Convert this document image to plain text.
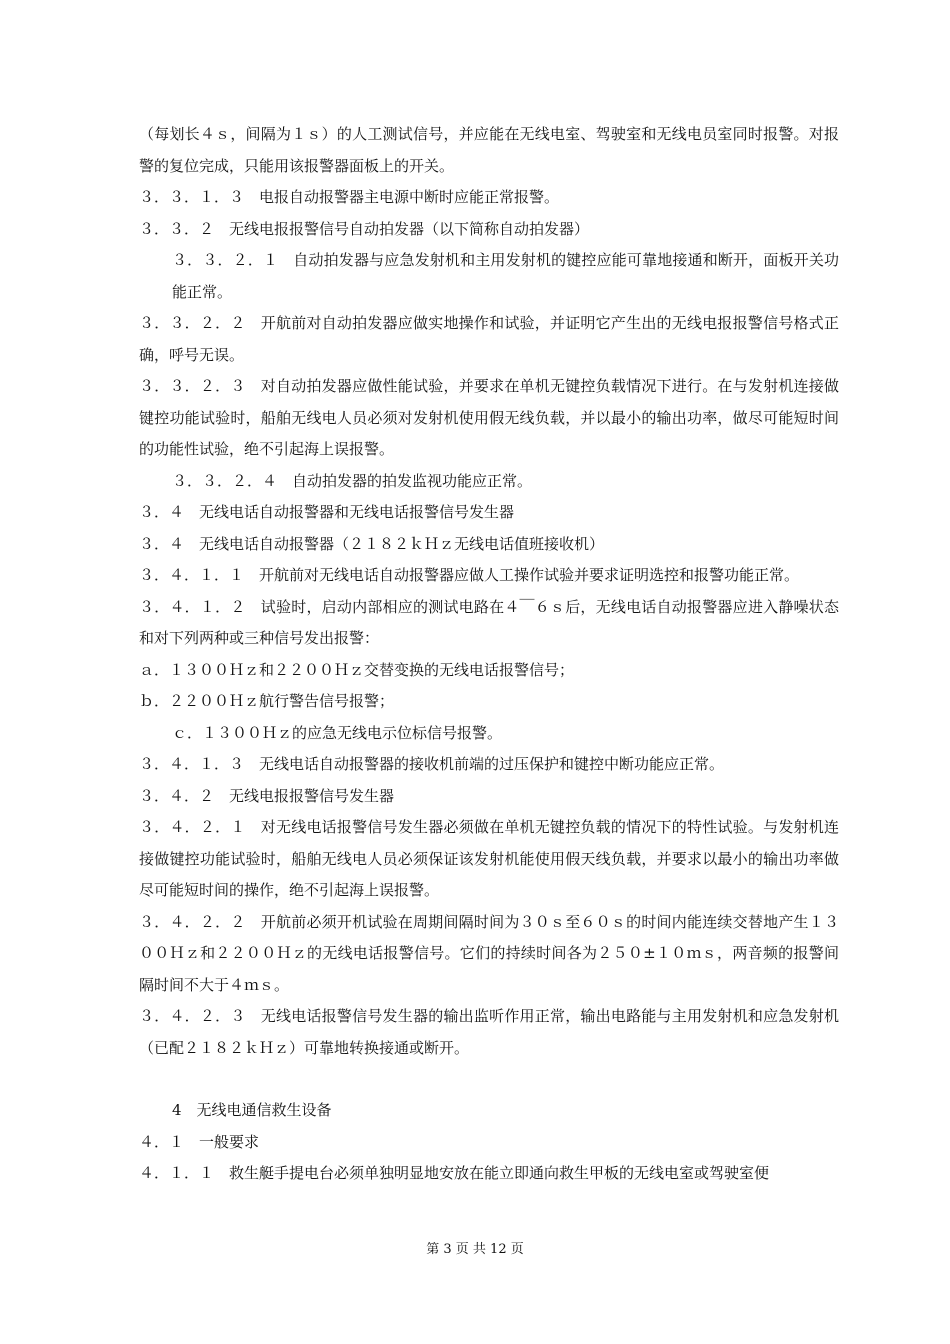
（每划长４ｓ，间隔为１ｓ）的人工测试信号，并应能在无线电室、驾驶室和无线电员室同时报警。对报警的复位完成，只能用该报警器面板上的开关。

３．３．１．３　电报自动报警器主电源中断时应能正常报警。

３．３．２　无线电报报警信号自动拍发器（以下简称自动拍发器）

３．３．２．１　自动拍发器与应急发射机和主用发射机的键控应能可靠地接通和断开，面板开关功能正常。

３．３．２．２　开航前对自动拍发器应做实地操作和试验，并证明它产生出的无线电报报警信号格式正确，呼号无误。

３．３．２．３　对自动拍发器应做性能试验，并要求在单机无键控负载情况下进行。在与发射机连接做键控功能试验时，船舶无线电人员必须对发射机使用假无线负载，并以最小的输出功率，做尽可能短时间的功能性试验，绝不引起海上误报警。

３．３．２．４　自动拍发器的拍发监视功能应正常。

３．４　无线电话自动报警器和无线电话报警信号发生器

３．４　无线电话自动报警器（２１８２ｋＨｚ无线电话值班接收机）

３．４．１．１　开航前对无线电话自动报警器应做人工操作试验并要求证明选控和报警功能正常。

３．４．１．２　试验时，启动内部相应的测试电路在４￣６ｓ后，无线电话自动报警器应进入静噪状态和对下列两种或三种信号发出报警：

ａ．１３００Ｈｚ和２２００Ｈｚ交替变换的无线电话报警信号；

ｂ．２２００Ｈｚ航行警告信号报警；

ｃ．１３００Ｈｚ的应急无线电示位标信号报警。

３．４．１．３　无线电话自动报警器的接收机前端的过压保护和键控中断功能应正常。

３．４．２　无线电报报警信号发生器

３．４．２．１　对无线电话报警信号发生器必须做在单机无键控负载的情况下的特性试验。与发射机连接做键控功能试验时，船舶无线电人员必须保证该发射机能使用假天线负载，并要求以最小的输出功率做尽可能短时间的操作，绝不引起海上误报警。

３．４．２．２　开航前必须开机试验在周期间隔时间为３０ｓ至６０ｓ的时间内能连续交替地产生１３００Ｈｚ和２２００Ｈｚ的无线电话报警信号。它们的持续时间各为２５０±１０ｍｓ，两音频的报警间隔时间不大于４ｍｓ。

３．４．２．３　无线电话报警信号发生器的输出监听作用正常，输出电路能与主用发射机和应急发射机（已配２１８２ｋＨｚ）可靠地转换接通或断开。

4　无线电通信救生设备

４．１　一般要求

４．１．１　救生艇手提电台必须单独明显地安放在能立即通向救生甲板的无线电室或驾驶室便

第 3 页 共 12 页
